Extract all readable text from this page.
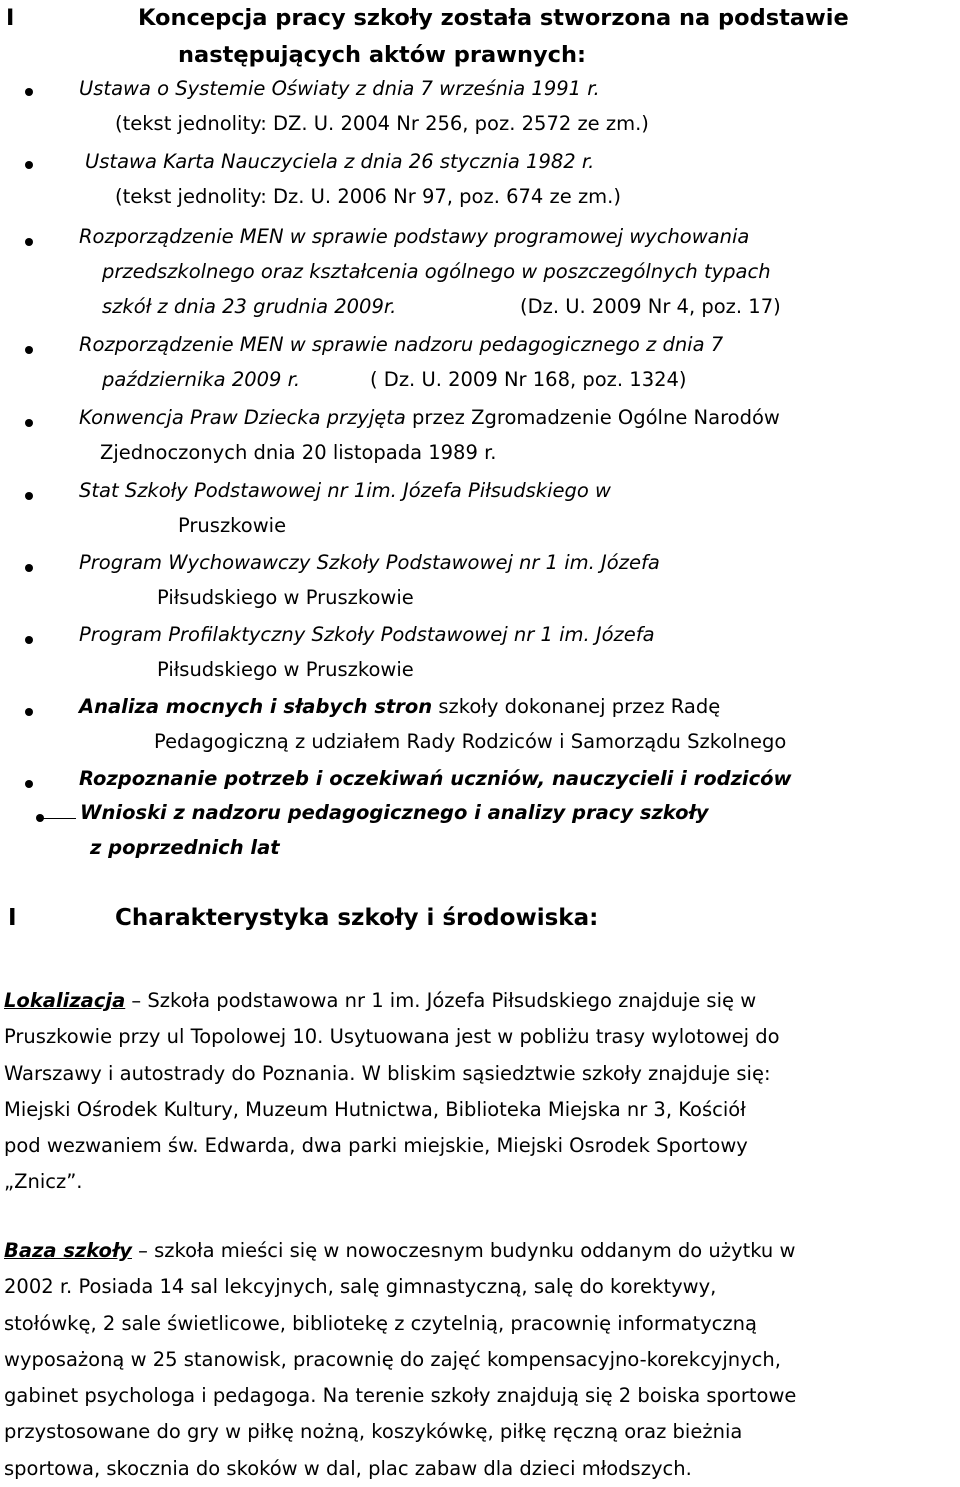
I	Koncepcja pracy szkoły została stworzona na podstawie
następujących aktów prawnych:
Ustawa o Systemie Oświaty z dnia 7 września 1991 r.
(tekst jednolity: DZ. U. 2004 Nr 256, poz. 2572 ze zm.)
Ustawa Karta Nauczyciela z dnia 26 stycznia 1982 r.
(tekst jednolity: Dz. U. 2006 Nr 97, poz. 674 ze zm.)
Rozporządzenie MEN w sprawie podstawy programowej wychowania
przedszkolnego oraz kształcenia ogólnego w poszczególnych typach
szkół z dnia 23 grudnia 2009r.	(Dz. U. 2009 Nr 4, poz. 17)
Rozporządzenie MEN w sprawie nadzoru pedagogicznego z dnia 7
października 2009 r.	( Dz. U. 2009 Nr 168, poz. 1324)
Konwencja Praw Dziecka przyjęta przez Zgromadzenie Ogólne Narodów
Zjednoczonych dnia 20 listopada 1989 r.
Stat Szkoły Podstawowej nr 1im. Józefa Piłsudskiego w
Pruszkowie
Program Wychowawczy Szkoły Podstawowej nr 1 im. Józefa
Piłsudskiego w Pruszkowie
Program Profilaktyczny Szkoły Podstawowej nr 1 im. Józefa
Piłsudskiego w Pruszkowie
Analiza mocnych i słabych stron szkoły dokonanej przez Radę
Pedagogiczną z udziałem Rady Rodziców i Samorządu Szkolnego
Rozpoznanie potrzeb i oczekiwań uczniów, nauczycieli i rodziców
Wnioski z nadzoru pedagogicznego i analizy pracy szkoły
z poprzednich lat
I	Charakterystyka szkoły i środowiska:
Lokalizacja – Szkoła podstawowa nr 1 im. Józefa Piłsudskiego znajduje się w
Pruszkowie przy ul Topolowej 10. Usytuowana jest w pobliżu trasy wylotowej do
Warszawy i autostrady do Poznania. W bliskim sąsiedztwie szkoły znajduje się:
Miejski Ośrodek Kultury, Muzeum Hutnictwa, Biblioteka Miejska nr 3, Kościół
pod wezwaniem św. Edwarda, dwa parki miejskie, Miejski Osrodek Sportowy
„Znicz”.
Baza szkoły – szkoła mieści się w nowoczesnym budynku oddanym do użytku w
2002 r. Posiada 14 sal lekcyjnych, salę gimnastyczną, salę do korektywy,
stołówkę, 2 sale świetlicowe, bibliotekę z czytelnią, pracownię informatyczną
wyposażoną w 25 stanowisk, pracownię do zajęć kompensacyjno-korekcyjnych,
gabinet psychologa i pedagoga. Na terenie szkoły znajdują się 2 boiska sportowe
przystosowane do gry w piłkę nożną, koszykówkę, piłkę ręczną oraz bieżnia
sportowa, skocznia do skoków w dal, plac zabaw dla dzieci młodszych.
